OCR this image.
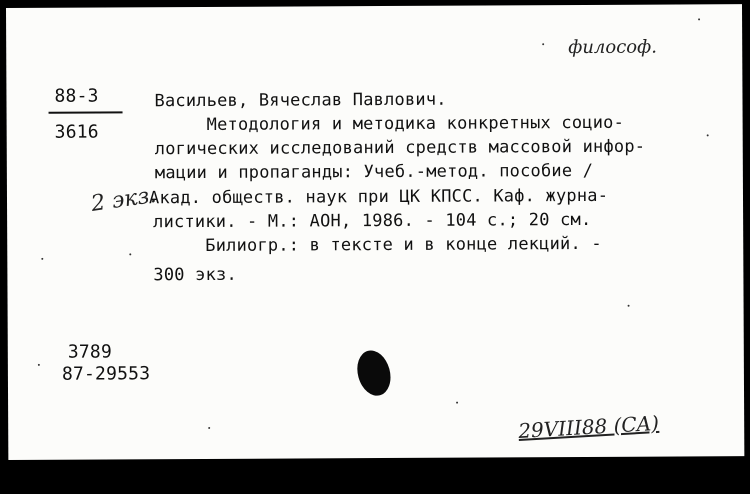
философ.
88-3
3616
Васильев, Вячеслав Павлович.
Методология и методика конкретных социо-
логических исследований средств массовой инфор-
мации и пропаганды: Учеб.-метод. пособие /
Акад. обществ. наук при ЦК КПСС. Каф. журна-
листики. - М.: АОН, 1986. - 104 с.; 20 см.
Билиогр.: в тексте и в конце лекций. -
300 экз.
2 экз.
3789
87-29553
29VIII88 (CA)
